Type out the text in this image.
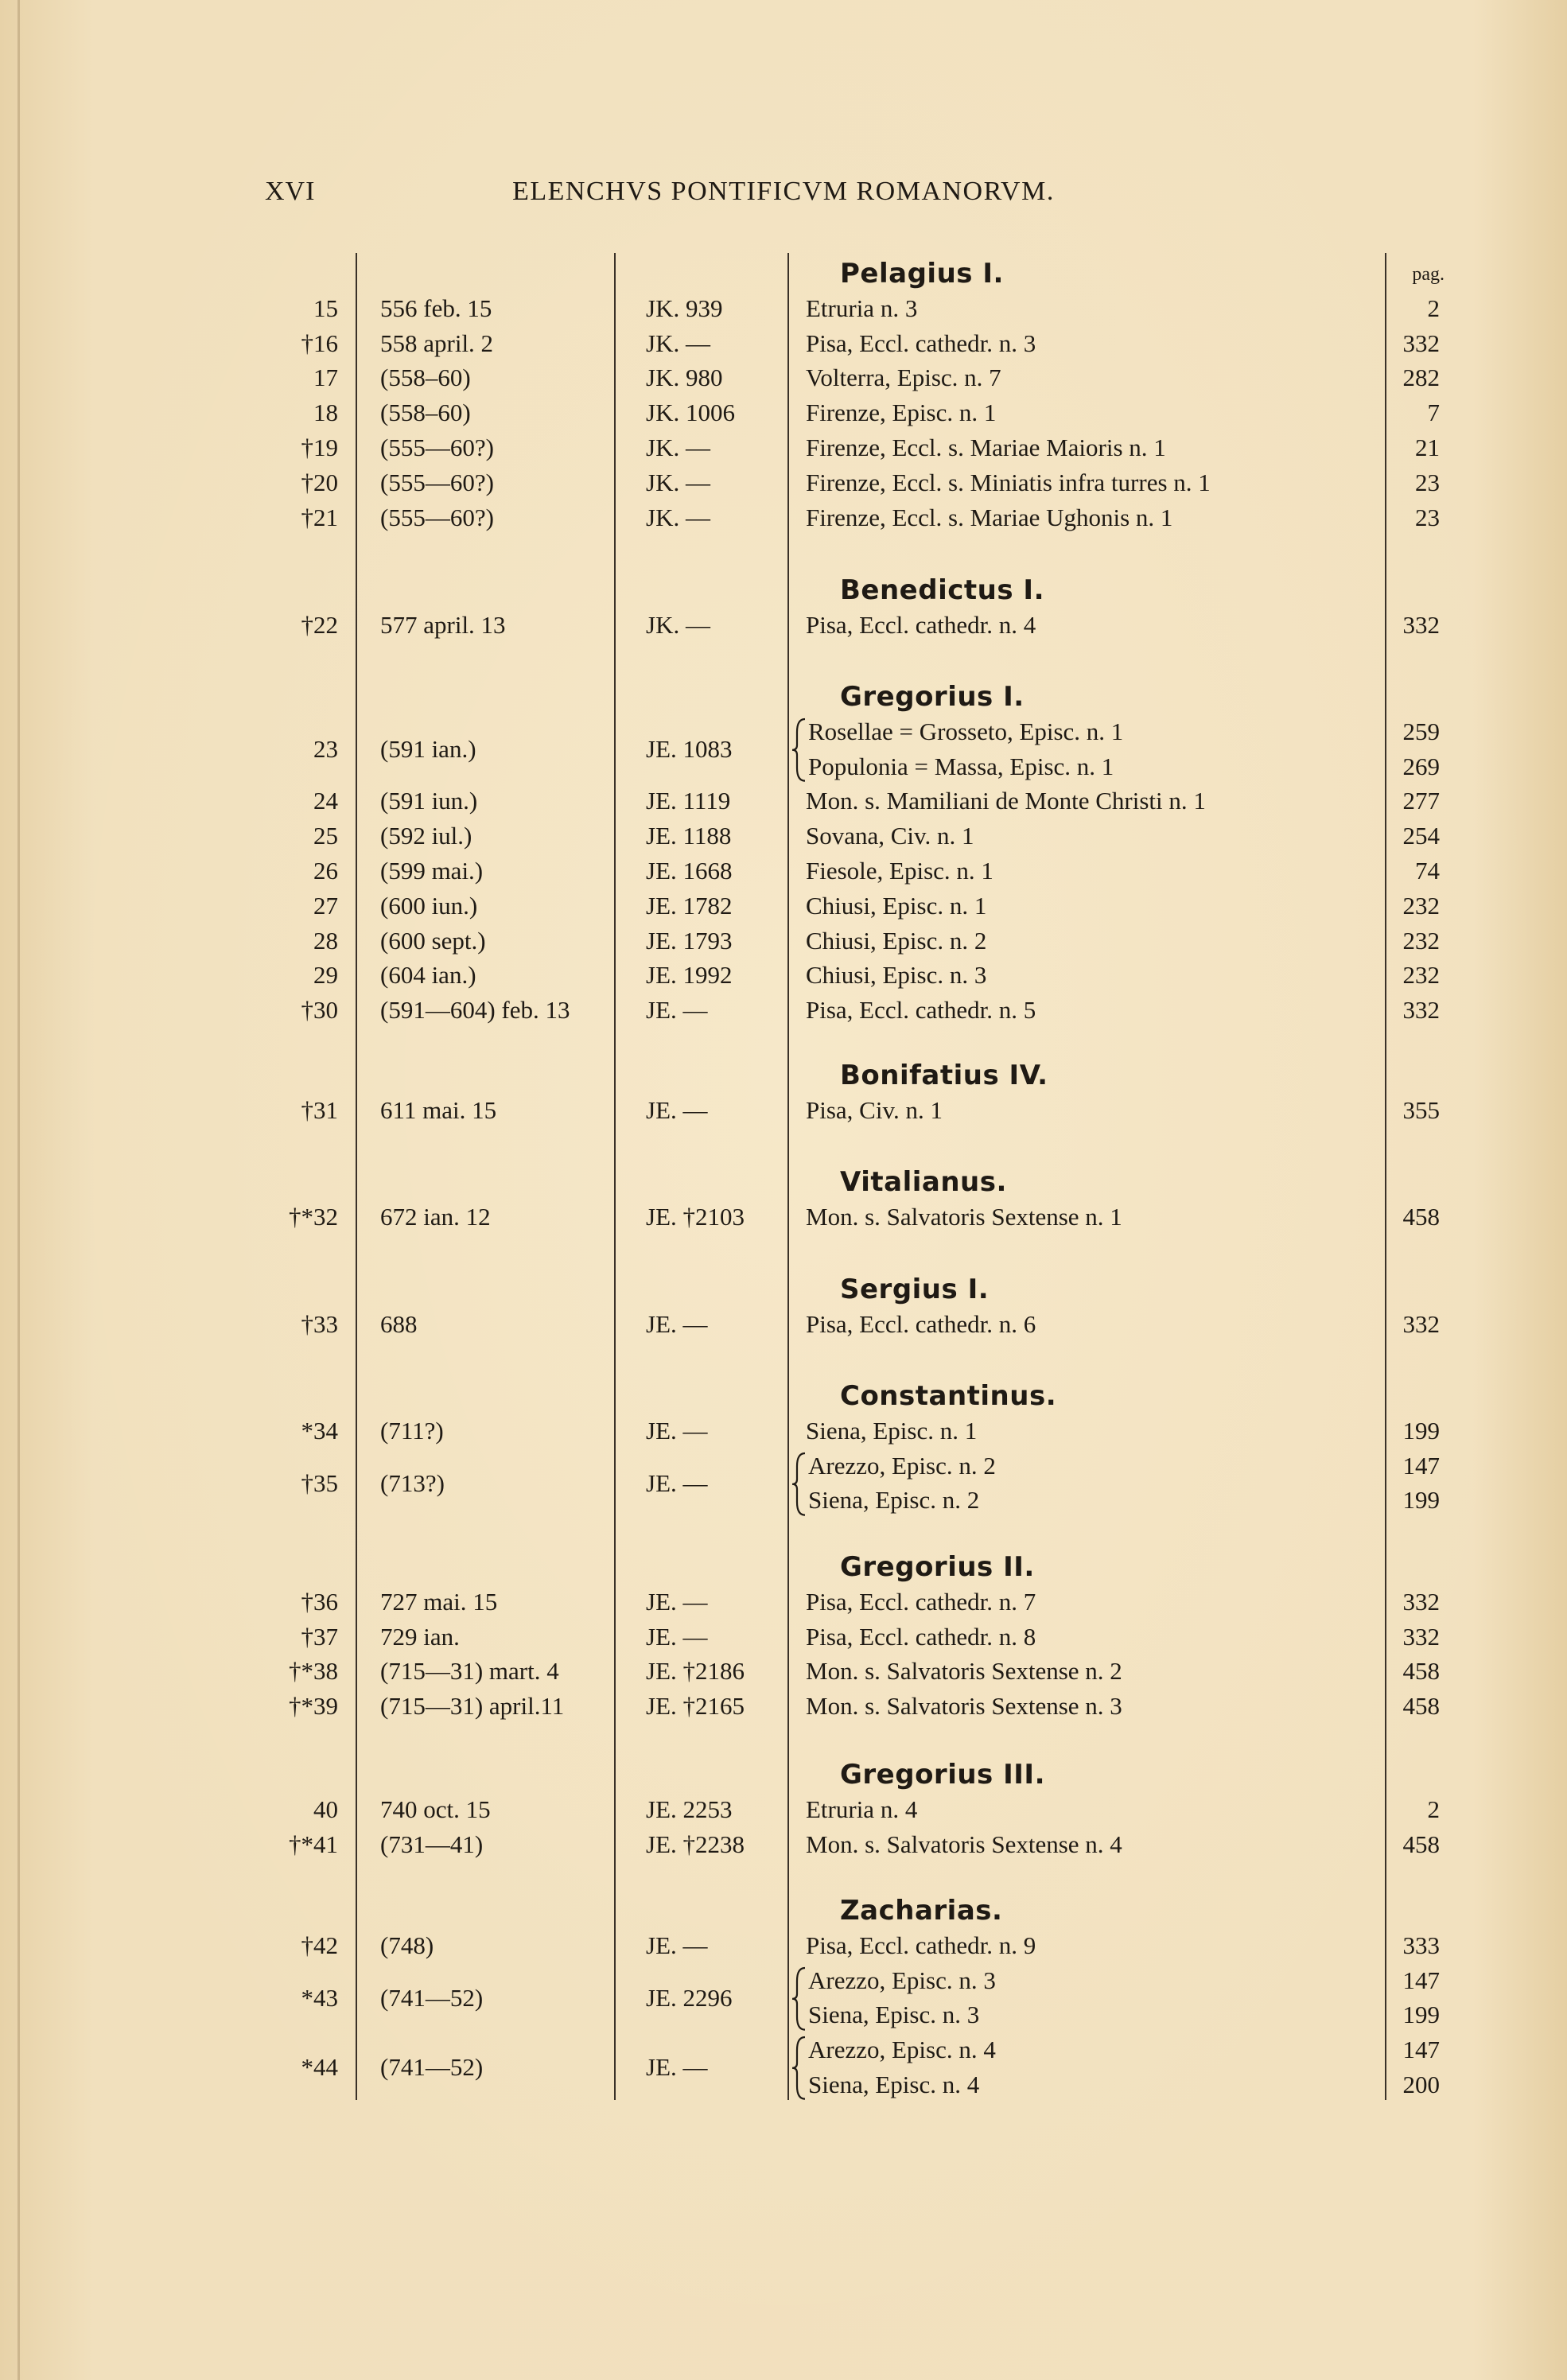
XVI	ELENCHVS PONTIFICVM ROMANORVM.
pag.
Pelagius I.
15 556 feb. 15	JK. 939	Etruria n. 3	2
†16 558 april. 2	JK. —	Pisa, Eccl. cathedr. n. 3	332
17 (558–60)	JK. 980	Volterra, Episc. n. 7	282
18 (558–60)	JK. 1006	Firenze, Episc. n. 1	7
†19 (555—60?)	JK. —	Firenze, Eccl. s. Mariae Maioris n. 1	21
†20 (555—60?)	JK. —	Firenze, Eccl. s. Miniatis infra turres n. 1	23
†21 (555—60?)	JK. —	Firenze, Eccl. s. Mariae Ughonis n. 1	23
Benedictus I.
†22 577 april. 13	JK. —	Pisa, Eccl. cathedr. n. 4	332
Gregorius I.
23 (591 ian.)	JE. 1083
Rosellae = Grosseto, Episc. n. 1	259
Populonia = Massa, Episc. n. 1	269
24 (591 iun.)	JE. 1119	Mon. s. Mamiliani de Monte Christi n. 1	277
25 (592 iul.)	JE. 1188	Sovana, Civ. n. 1	254
26 (599 mai.)	JE. 1668	Fiesole, Episc. n. 1	74
27 (600 iun.)	JE. 1782	Chiusi, Episc. n. 1	232
28 (600 sept.)	JE. 1793	Chiusi, Episc. n. 2	232
29 (604 ian.)	JE. 1992	Chiusi, Episc. n. 3	232
†30 (591—604) feb. 13	JE. —	Pisa, Eccl. cathedr. n. 5	332
Bonifatius IV.
†31 611 mai. 15	JE. —	Pisa, Civ. n. 1	355
Vitalianus.
†*32 672 ian. 12	JE. †2103 Mon. s. Salvatoris Sextense n. 1	458
Sergius I.
†33 688	JE. —	Pisa, Eccl. cathedr. n. 6	332
Constantinus.
*34 (711?)	JE. —	Siena, Episc. n. 1	199
†35 (713?)	JE. —
Arezzo, Episc. n. 2	147
Siena, Episc. n. 2	199
Gregorius II.
†36 727 mai. 15	JE. —	Pisa, Eccl. cathedr. n. 7	332
†37 729 ian.	JE. —	Pisa, Eccl. cathedr. n. 8	332
†*38 (715—31) mart. 4	JE. †2186 Mon. s. Salvatoris Sextense n. 2	458
†*39 (715—31) april.11	JE. †2165 Mon. s. Salvatoris Sextense n. 3	458
Gregorius III.
40 740 oct. 15	JE. 2253	Etruria n. 4	2
†*41 (731—41)	JE. †2238 Mon. s. Salvatoris Sextense n. 4	458
Zacharias.
†42 (748)	JE. —	Pisa, Eccl. cathedr. n. 9	333
*43 (741—52)	JE. 2296
Arezzo, Episc. n. 3	147
Siena, Episc. n. 3	199
*44 (741—52)	JE. —
Arezzo, Episc. n. 4	147
Siena, Episc. n. 4	200
